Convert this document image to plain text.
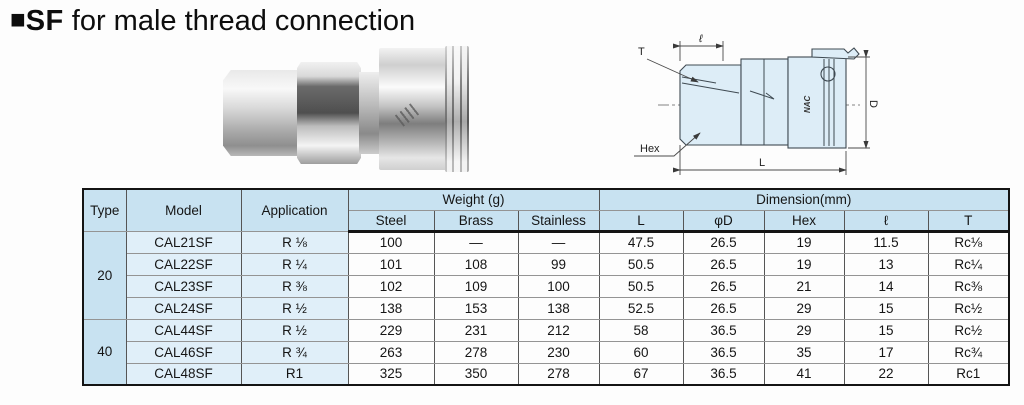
■SF for male thread connection
NAC
ℓ
T
Hex
L
D
Type	Model	Application	Weight (g)			Dimension(mm)				
			Steel	Brass	Stainless	L	φD	Hex	ℓ	T
20	CAL21SF	R ⅛	100	—	—	47.5	26.5	19	11.5	Rc⅛
	CAL22SF	R ¼	101	108	99	50.5	26.5	19	13	Rc¼
	CAL23SF	R ⅜	102	109	100	50.5	26.5	21	14	Rc⅜
	CAL24SF	R ½	138	153	138	52.5	26.5	29	15	Rc½
40	CAL44SF	R ½	229	231	212	58	36.5	29	15	Rc½
	CAL46SF	R ¾	263	278	230	60	36.5	35	17	Rc¾
	CAL48SF	R1	325	350	278	67	36.5	41	22	Rc1
